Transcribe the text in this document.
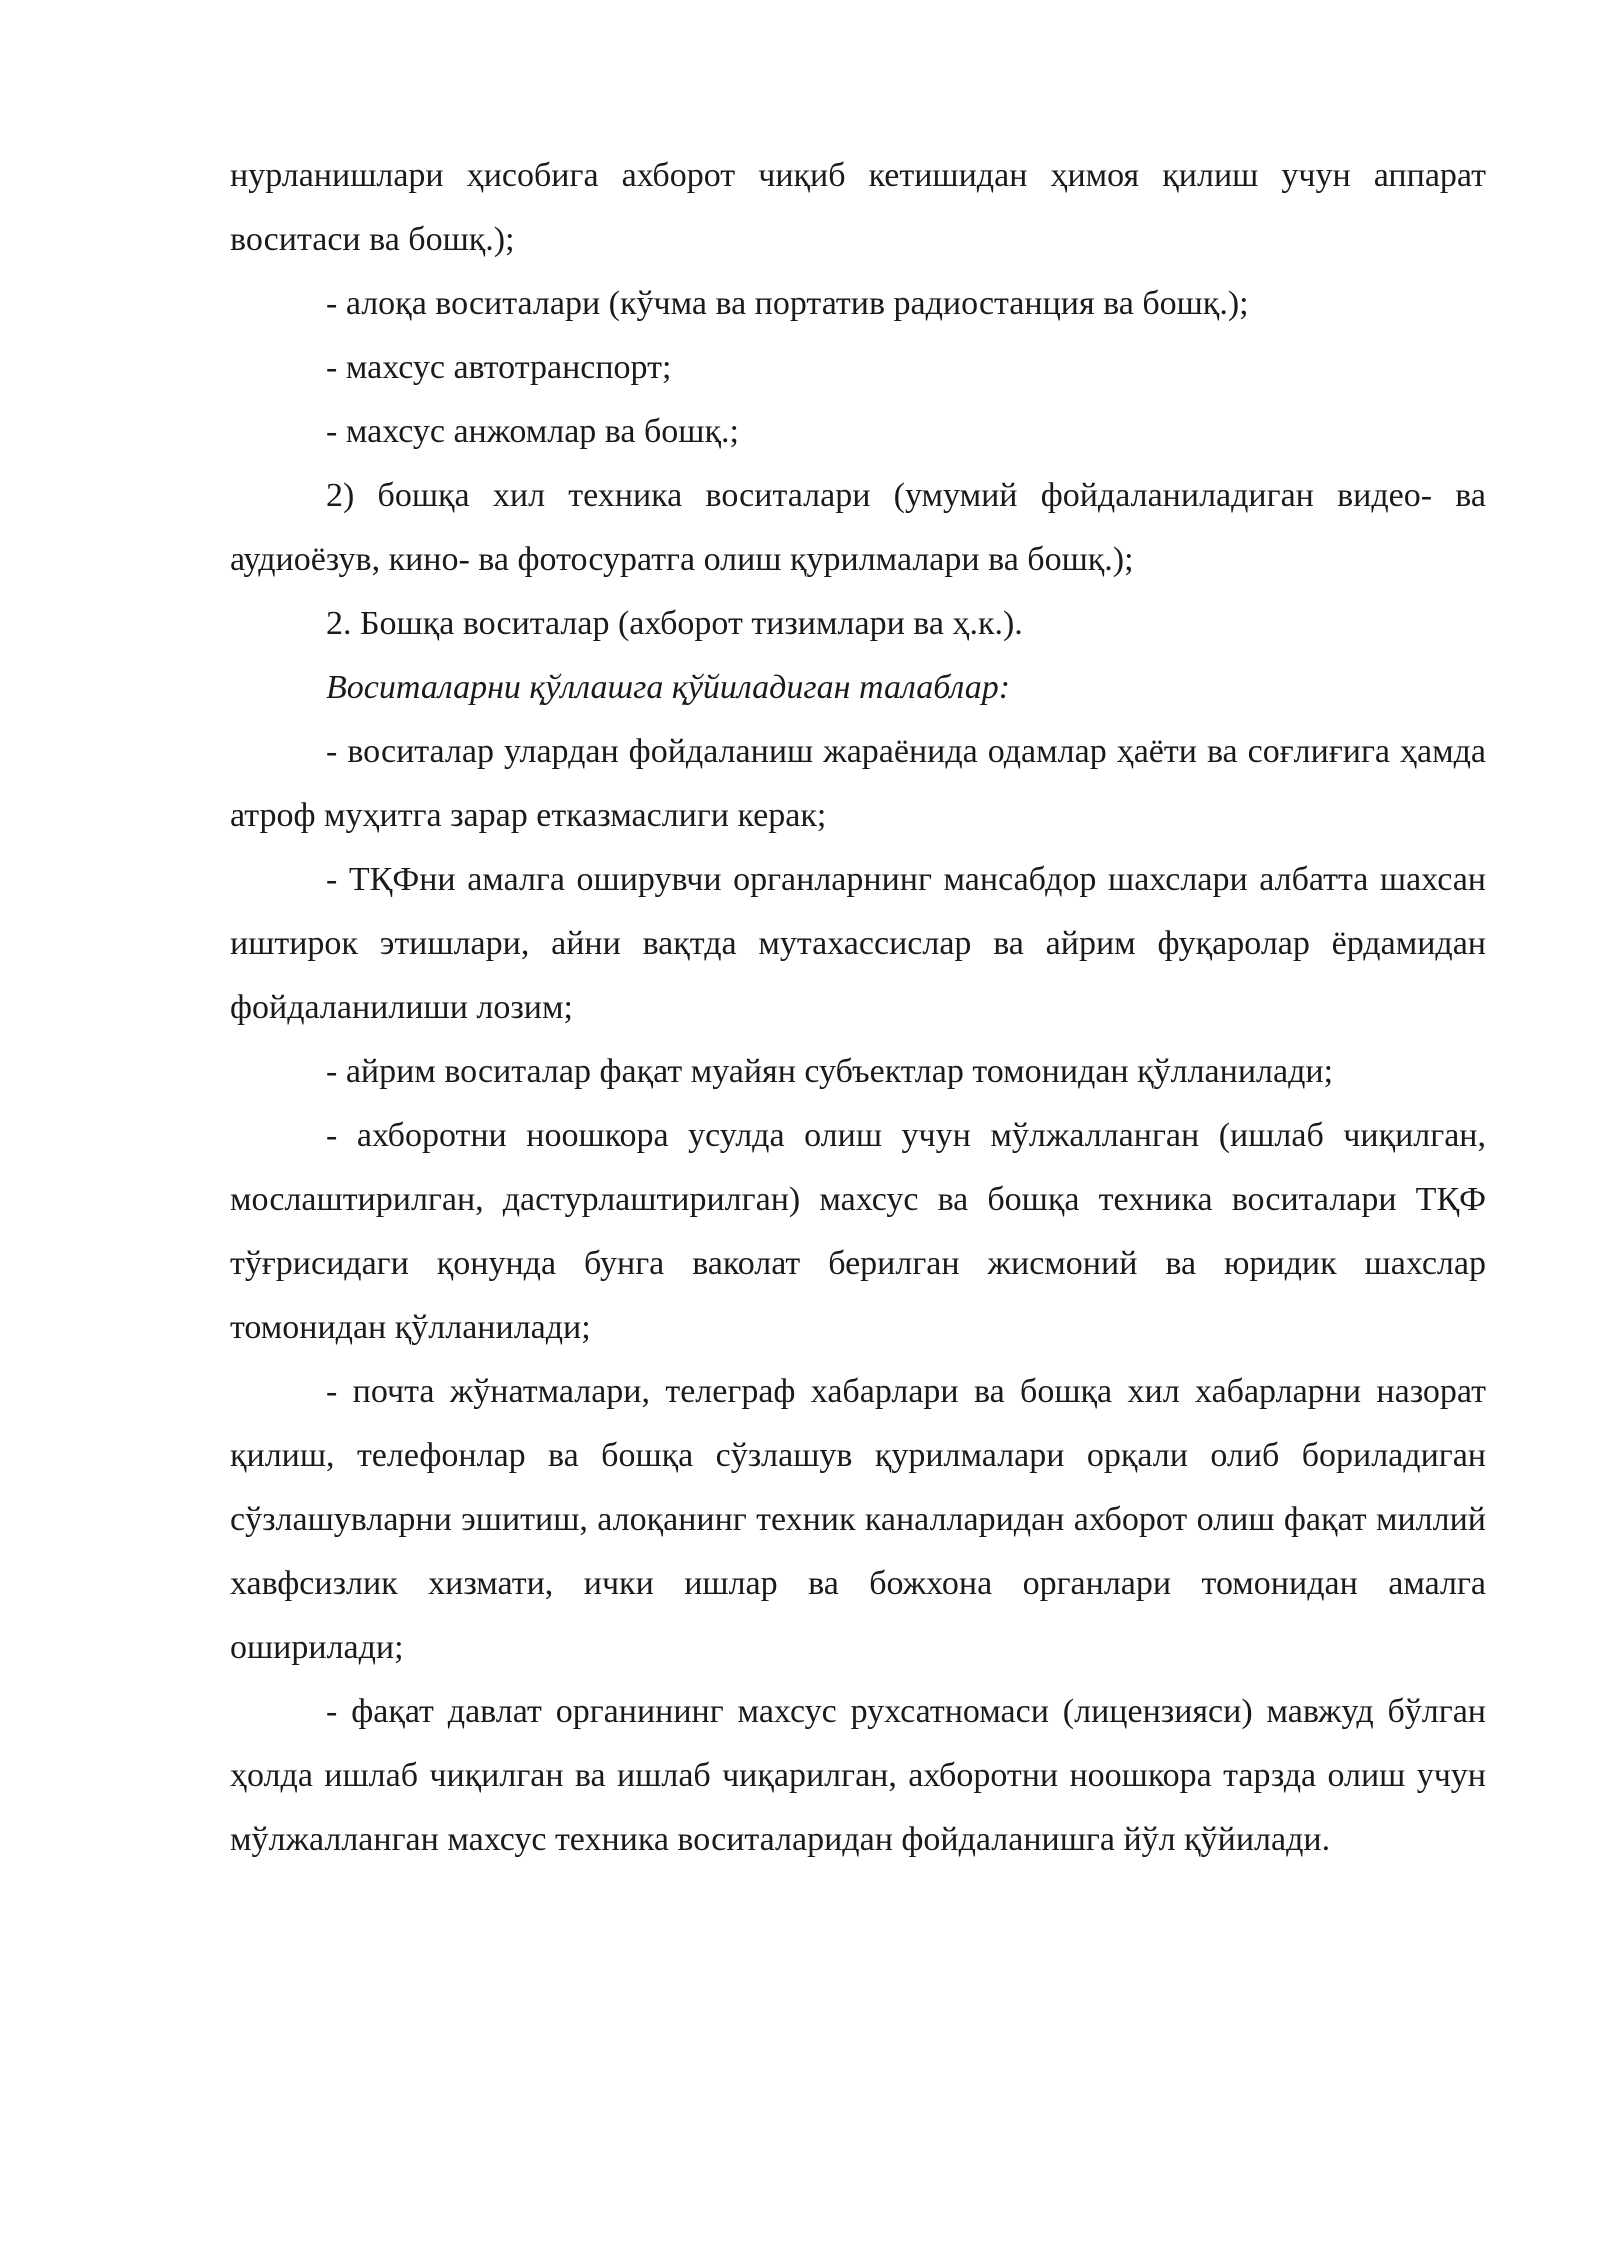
нурланишлари ҳисобига ахборот чиқиб кетишидан ҳимоя қилиш учун аппарат воситаси ва бошқ.);

- алоқа воситалари (кўчма ва портатив радиостанция ва бошқ.);

- махсус автотранспорт;

- махсус анжомлар ва бошқ.;

2) бошқа хил техника воситалари (умумий фойдаланиладиган видео- ва аудиоёзув, кино- ва фотосуратга олиш қурилмалари ва бошқ.);

2. Бошқа воситалар (ахборот тизимлари ва ҳ.к.).

Воситаларни қўллашга қўйиладиган талаблар:

- воситалар улардан фойдаланиш жараёнида одамлар ҳаёти ва соғлиғига ҳамда атроф муҳитга зарар етказмаслиги керак;

- ТҚФни амалга оширувчи органларнинг мансабдор шахслари албатта шахсан иштирок этишлари, айни вақтда мутахассислар ва айрим фуқаролар ёрдамидан фойдаланилиши лозим;

- айрим воситалар фақат муайян субъектлар томонидан қўлланилади;

- ахборотни ноошкора усулда олиш учун мўлжалланган (ишлаб чиқилган, мослаштирилган, дастурлаштирилган) махсус ва бошқа техника воситалари ТҚФ тўғрисидаги қонунда бунга ваколат берилган жисмоний ва юридик шахслар томонидан қўлланилади;

- почта жўнатмалари, телеграф хабарлари ва бошқа хил хабарларни назорат қилиш, телефонлар ва бошқа сўзлашув қурилмалари орқали олиб бориладиган сўзлашувларни эшитиш, алоқанинг техник каналларидан ахборот олиш фақат миллий хавфсизлик хизмати, ички ишлар ва божхона органлари томонидан амалга оширилади;

- фақат давлат органининг махсус рухсатномаси (лицензияси) мавжуд бўлган ҳолда ишлаб чиқилган ва ишлаб чиқарилган, ахборотни ноошкора тарзда олиш учун мўлжалланган махсус техника воситаларидан фойдаланишга йўл қўйилади.
